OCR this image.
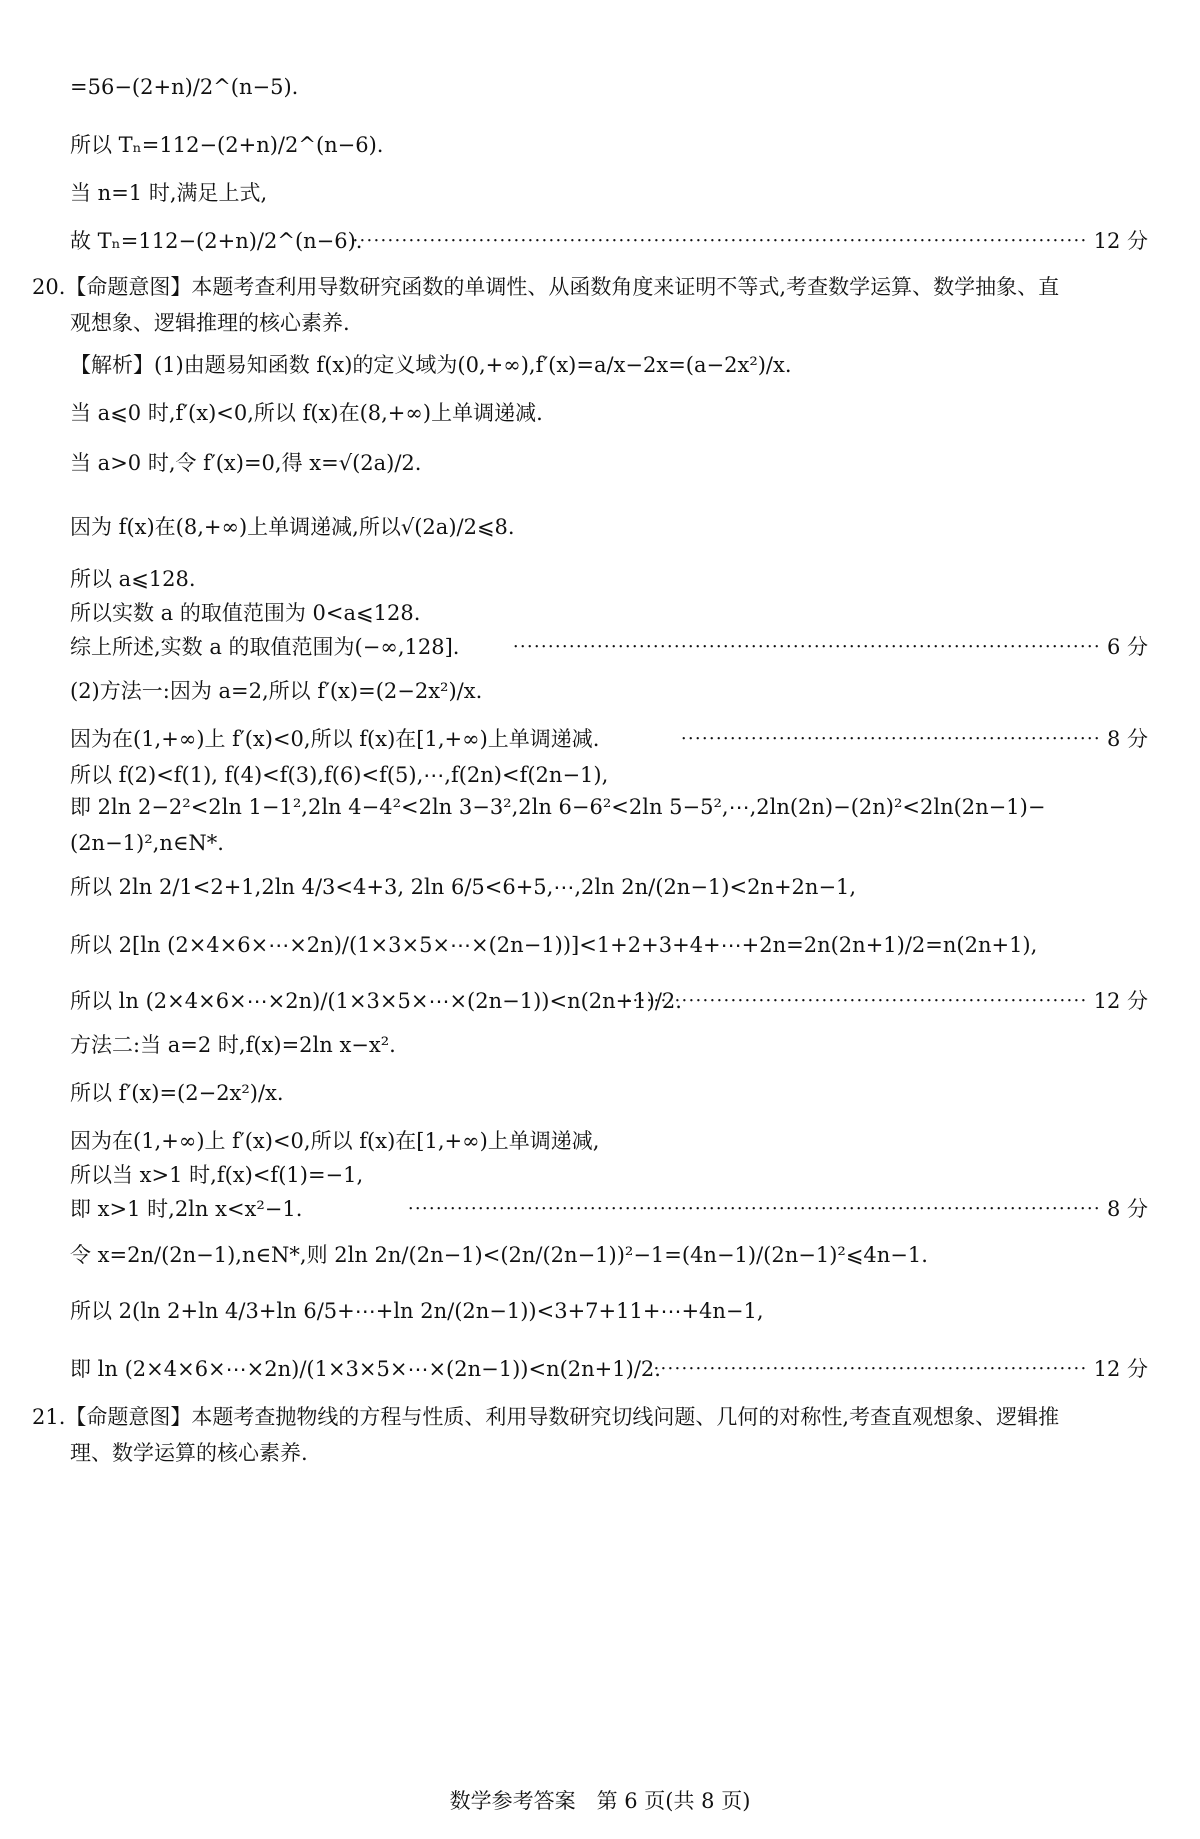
=56−(2+n)/2^(n−5).
所以 Tₙ=112−(2+n)/2^(n−6).
当 n=1 时,满足上式,
故 Tₙ=112−(2+n)/2^(n−6).
⋯⋯⋯⋯⋯⋯⋯⋯⋯⋯⋯⋯⋯⋯⋯⋯⋯⋯⋯⋯⋯⋯⋯⋯⋯⋯⋯⋯⋯⋯⋯⋯⋯⋯⋯ 12 分
20.【命题意图】本题考查利用导数研究函数的单调性、从函数角度来证明不等式,考查数学运算、数学抽象、直
观想象、逻辑推理的核心素养.
【解析】(1)由题易知函数 f(x)的定义域为(0,+∞),f′(x)=a/x−2x=(a−2x²)/x.
当 a⩽0 时,f′(x)<0,所以 f(x)在(8,+∞)上单调递减.
当 a>0 时,令 f′(x)=0,得 x=√(2a)/2.
因为 f(x)在(8,+∞)上单调递减,所以√(2a)/2⩽8.
所以 a⩽128.
所以实数 a 的取值范围为 0<a⩽128.
综上所述,实数 a 的取值范围为(−∞,128].	⋯⋯⋯⋯⋯⋯⋯⋯⋯⋯⋯⋯⋯⋯⋯⋯⋯⋯⋯⋯⋯⋯⋯⋯⋯⋯⋯⋯ 6 分
(2)方法一:因为 a=2,所以 f′(x)=(2−2x²)/x.
因为在(1,+∞)上 f′(x)<0,所以 f(x)在[1,+∞)上单调递减.	⋯⋯⋯⋯⋯⋯⋯⋯⋯⋯⋯⋯⋯⋯⋯⋯⋯⋯⋯⋯ 8 分
所以 f(2)<f(1), f(4)<f(3),f(6)<f(5),⋯,f(2n)<f(2n−1),
即 2ln 2−2²<2ln 1−1²,2ln 4−4²<2ln 3−3²,2ln 6−6²<2ln 5−5²,⋯,2ln(2n)−(2n)²<2ln(2n−1)−
(2n−1)²,n∈N*.
所以 2ln 2/1<2+1,2ln 4/3<4+3, 2ln 6/5<6+5,⋯,2ln 2n/(2n−1)<2n+2n−1,
所以 2[ln (2×4×6×⋯×2n)/(1×3×5×⋯×(2n−1))]<1+2+3+4+⋯+2n=2n(2n+1)/2=n(2n+1),
所以 ln (2×4×6×⋯×2n)/(1×3×5×⋯×(2n−1))<n(2n+1)/2.
⋯⋯⋯⋯⋯⋯⋯⋯⋯⋯⋯⋯⋯⋯⋯⋯⋯⋯⋯⋯⋯⋯ 12 分
方法二:当 a=2 时,f(x)=2ln x−x².
所以 f′(x)=(2−2x²)/x.
因为在(1,+∞)上 f′(x)<0,所以 f(x)在[1,+∞)上单调递减,
所以当 x>1 时,f(x)<f(1)=−1,
即 x>1 时,2ln x<x²−1.	⋯⋯⋯⋯⋯⋯⋯⋯⋯⋯⋯⋯⋯⋯⋯⋯⋯⋯⋯⋯⋯⋯⋯⋯⋯⋯⋯⋯⋯⋯⋯⋯⋯ 8 分
令 x=2n/(2n−1),n∈N*,则 2ln 2n/(2n−1)<(2n/(2n−1))²−1=(4n−1)/(2n−1)²⩽4n−1.
所以 2(ln 2+ln 4/3+ln 6/5+⋯+ln 2n/(2n−1))<3+7+11+⋯+4n−1,
即 ln (2×4×6×⋯×2n)/(1×3×5×⋯×(2n−1))<n(2n+1)/2.
⋯⋯⋯⋯⋯⋯⋯⋯⋯⋯⋯⋯⋯⋯⋯⋯⋯⋯⋯⋯⋯ 12 分
21.【命题意图】本题考查抛物线的方程与性质、利用导数研究切线问题、几何的对称性,考查直观想象、逻辑推
理、数学运算的核心素养.
数学参考答案　第 6 页(共 8 页)
